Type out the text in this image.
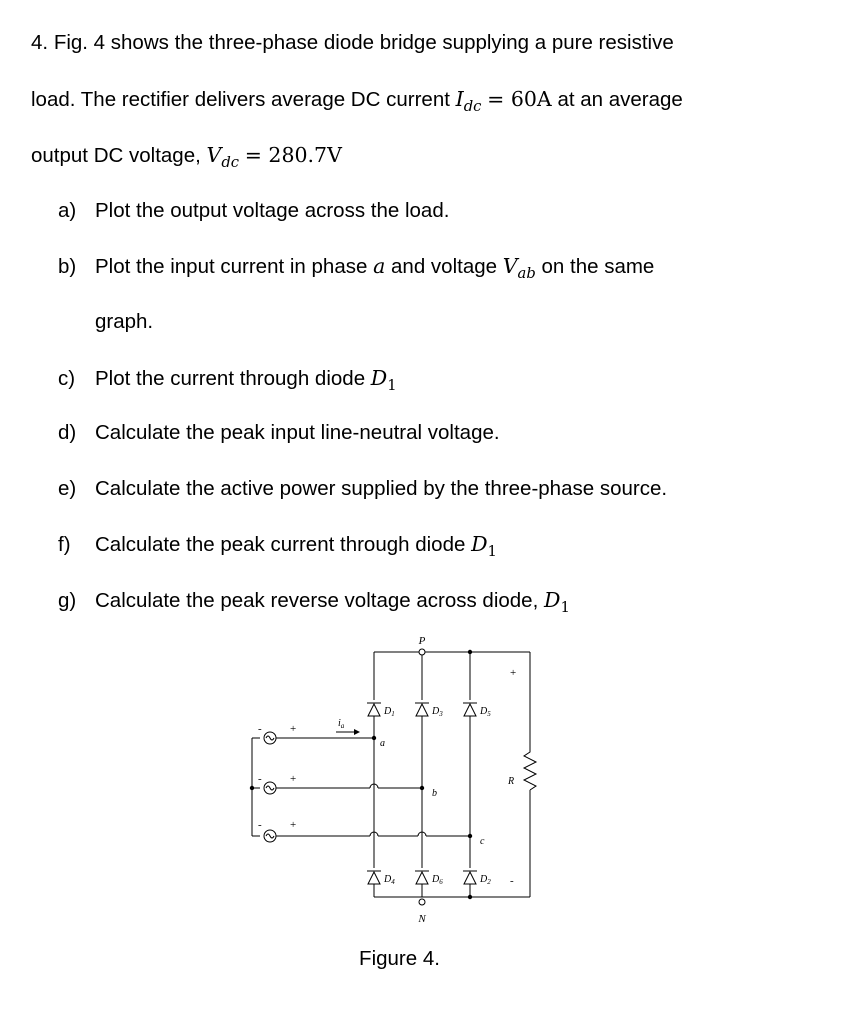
4. Fig. 4 shows the three-phase diode bridge supplying a pure resistive
load. The rectifier delivers average DC current $I_{dc} = 60A$ at an average
output DC voltage, $V_{dc} = 280.7V$
a) Plot the output voltage across the load.
b) Plot the input current in phase a and voltage $V_{ab}$ on the same
graph.
c) Plot the current through diode $D_1$
d) Calculate the peak input line-neutral voltage.
e) Calculate the active power supplied by the three-phase source.
f) Calculate the peak current through diode $D_1$
g) Calculate the peak reverse voltage across diode, $D_1$
P
N
a
b
c
$i_a$
$D_1$	$D_3$	$D_5$
$D_4$	$D_6$	$D_2$
R
+
-
+
-
+
-
+
-
Figure 4.
